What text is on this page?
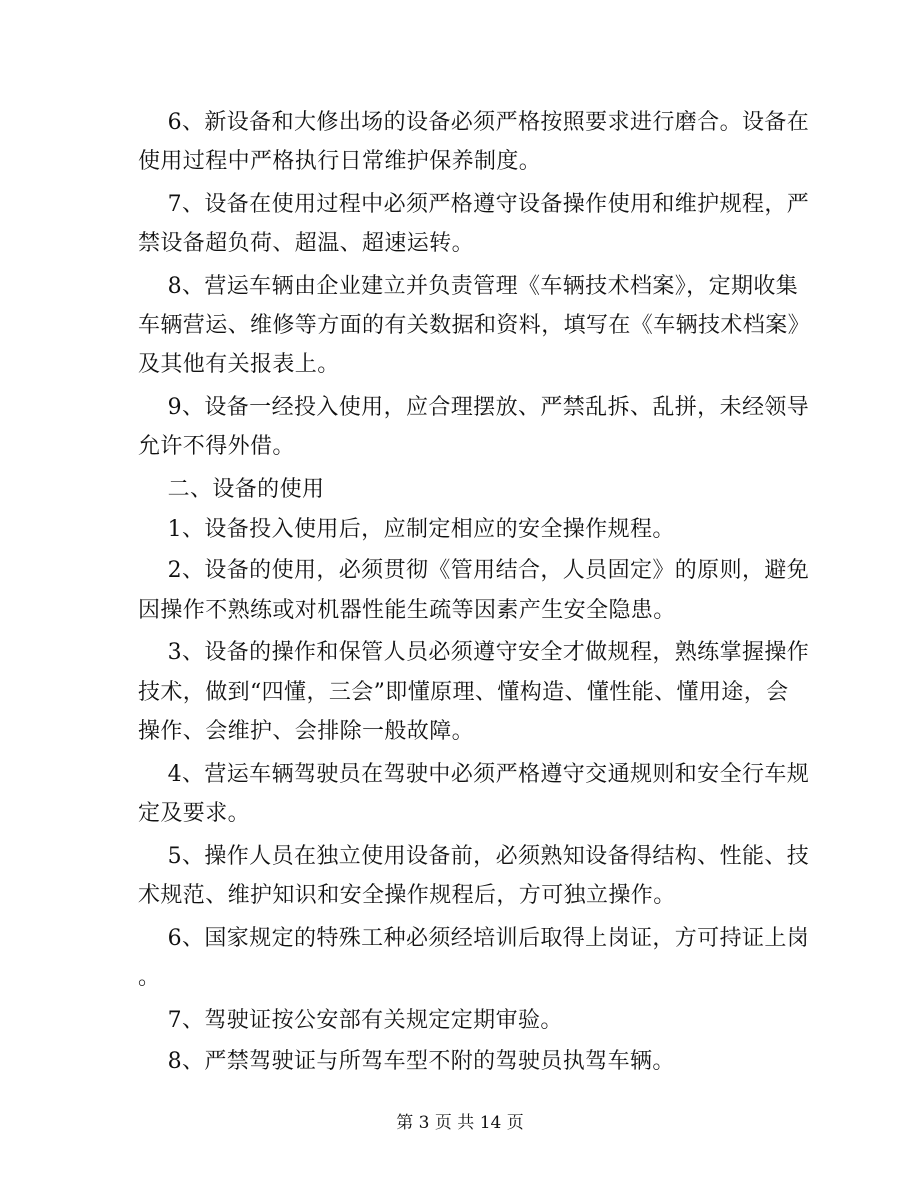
6、新设备和大修出场的设备必须严格按照要求进行磨合。设备在
使用过程中严格执行日常维护保养制度。
7、设备在使用过程中必须严格遵守设备操作使用和维护规程，严
禁设备超负荷、超温、超速运转。
8、营运车辆由企业建立并负责管理《车辆技术档案》，定期收集
车辆营运、维修等方面的有关数据和资料，填写在《车辆技术档案》
及其他有关报表上。
9、设备一经投入使用，应合理摆放、严禁乱拆、乱拼，未经领导
允许不得外借。
二、设备的使用
1、设备投入使用后，应制定相应的安全操作规程。
2、设备的使用，必须贯彻《管用结合，人员固定》的原则，避免
因操作不熟练或对机器性能生疏等因素产生安全隐患。
3、设备的操作和保管人员必须遵守安全才做规程，熟练掌握操作
技术，做到“四懂，三会”即懂原理、懂构造、懂性能、懂用途，会
操作、会维护、会排除一般故障。
4、营运车辆驾驶员在驾驶中必须严格遵守交通规则和安全行车规
定及要求。
5、操作人员在独立使用设备前，必须熟知设备得结构、性能、技
术规范、维护知识和安全操作规程后，方可独立操作。
6、国家规定的特殊工种必须经培训后取得上岗证，方可持证上岗
。
7、驾驶证按公安部有关规定定期审验。
8、严禁驾驶证与所驾车型不附的驾驶员执驾车辆。
第 3 页 共 14 页
